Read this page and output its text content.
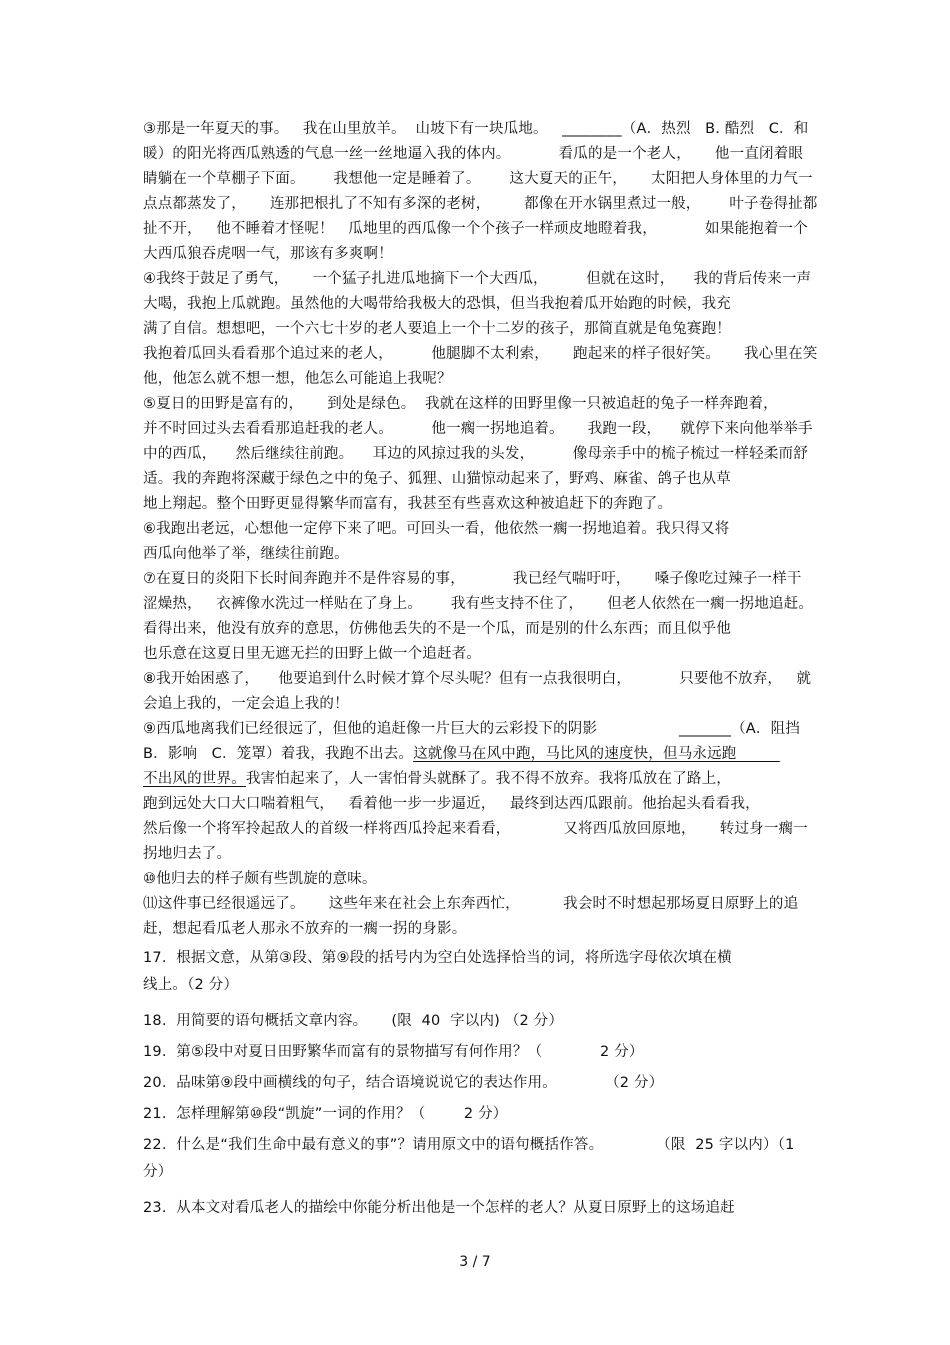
③那是一年夏天的事。   我在山里放羊。  山坡下有一块瓜地。   ________（A．热烈   B. 酷烈   C．和
暖）的阳光将西瓜熟透的气息一丝一丝地逼入我的体内。          看瓜的是一个老人，     他一直闭着眼
睛躺在一个草棚子下面。      我想他一定是睡着了。      这大夏天的正午，     太阳把人身体里的力气一
点点都蒸发了，     连那把根扎了不知有多深的老树，       都像在开水锅里煮过一般，      叶子卷得扯都
扯不开，   他不睡着才怪呢！   瓜地里的西瓜像一个个孩子一样顽皮地瞪着我，          如果能抱着一个
大西瓜狼吞虎咽一气，那该有多爽啊！
④我终于鼓足了勇气，     一个猛子扎进瓜地摘下一个大西瓜，        但就在这时，    我的背后传来一声
大喝，我抱上瓜就跑。虽然他的大喝带给我极大的恐惧，但当我抱着瓜开始跑的时候，我充
满了自信。想想吧，一个六七十岁的老人要追上一个十二岁的孩子，那简直就是龟兔赛跑！
我抱着瓜回头看看那个追过来的老人，        他腿脚不太利索，     跑起来的样子很好笑。     我心里在笑
他，他怎么就不想一想，他怎么可能追上我呢？
⑤夏日的田野是富有的，     到处是绿色。  我就在这样的田野里像一只被追赶的兔子一样奔跑着，
并不时回过头去看看那追赶我的老人。        他一瘸一拐地追着。     我跑一段，    就停下来向他举举手
中的西瓜，    然后继续往前跑。    耳边的风掠过我的头发，        像母亲手中的梳子梳过一样轻柔而舒
适。我的奔跑将深藏于绿色之中的兔子、狐狸、山猫惊动起来了，野鸡、麻雀、鸽子也从草
地上翔起。整个田野更显得繁华而富有，我甚至有些喜欢这种被追赶下的奔跑了。
⑥我跑出老远，心想他一定停下来了吧。可回头一看，他依然一瘸一拐地追着。我只得又将
西瓜向他举了举，继续往前跑。
⑦在夏日的炎阳下长时间奔跑并不是件容易的事，          我已经气喘吁吁，     嗓子像吃过辣子一样干
涩燥热，   衣裤像水洗过一样贴在了身上。      我有些支持不住了，     但老人依然在一瘸一拐地追赶。
看得出来，他没有放弃的意思，仿佛他丢失的不是一个瓜，而是别的什么东西；而且似乎他
也乐意在这夏日里无遮无拦的田野上做一个追赶者。
⑧我开始困惑了，    他要追到什么时候才算个尽头呢？但有一点我很明白，          只要他不放弃，   就
会追上我的，一定会追上我的！
⑨西瓜地离我们已经很远了，但他的追赶像一片巨大的云彩投下的阴影                 _______（A．阻挡
B．影响   C．笼罩）着我，我跑不出去。这就像马在风中跑，马比风的速度快，但马永远跑
不出风的世界。我害怕起来了，人一害怕骨头就酥了。我不得不放弃。我将瓜放在了路上，
跑到远处大口大口喘着粗气，   看着他一步一步逼近，   最终到达西瓜跟前。他抬起头看看我，
然后像一个将军拎起敌人的首级一样将西瓜拎起来看看，           又将西瓜放回原地，     转过身一瘸一
拐地归去了。
⑩他归去的样子颇有些凯旋的意味。
⑾这件事已经很遥远了。     这些年来在社会上东奔西忙，         我会时不时想起那场夏日原野上的追
赶，想起看瓜老人那永不放弃的一瘸一拐的身影。
17.  根据文意，从第③段、第⑨段的括号内为空白处选择恰当的词，将所选字母依次填在横
线上。（2 分）
18.  用简要的语句概括文章内容。     (限  40  字以内) （2 分）
19.  第⑤段中对夏日田野繁华而富有的景物描写有何作用？（            2 分）
20.  品味第⑨段中画横线的句子，结合语境说说它的表达作用。          （2 分）
21.  怎样理解第⑩段“凯旋”一词的作用？（        2 分）
22.  什么是“我们生命中最有意义的事”？请用原文中的语句概括作答。           （限  25 字以内）（1
分）
23.  从本文对看瓜老人的描绘中你能分析出他是一个怎样的老人？从夏日原野上的这场追赶
3 / 7
